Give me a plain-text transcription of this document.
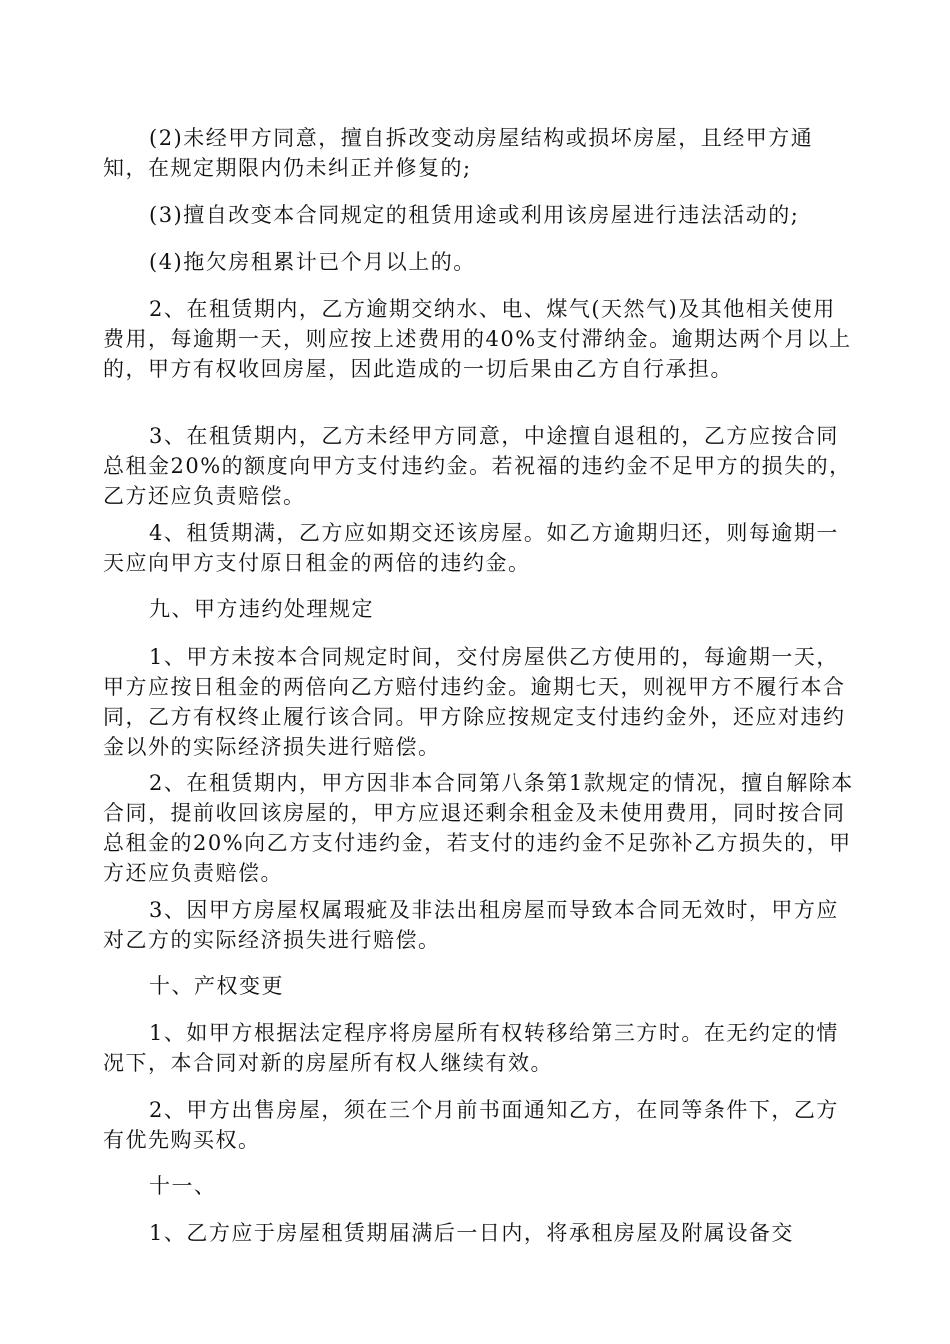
(2)未经甲方同意，擅自拆改变动房屋结构或损坏房屋，且经甲方通知，在规定期限内仍未纠正并修复的;

(3)擅自改变本合同规定的租赁用途或利用该房屋进行违法活动的;

(4)拖欠房租累计已个月以上的。

2、在租赁期内，乙方逾期交纳水、电、煤气(天然气)及其他相关使用费用，每逾期一天，则应按上述费用的40%支付滞纳金。逾期达两个月以上的，甲方有权收回房屋，因此造成的一切后果由乙方自行承担。

3、在租赁期内，乙方未经甲方同意，中途擅自退租的，乙方应按合同总租金20%的额度向甲方支付违约金。若祝福的违约金不足甲方的损失的，乙方还应负责赔偿。

4、租赁期满，乙方应如期交还该房屋。如乙方逾期归还，则每逾期一天应向甲方支付原日租金的两倍的违约金。

九、甲方违约处理规定

1、甲方未按本合同规定时间，交付房屋供乙方使用的，每逾期一天，甲方应按日租金的两倍向乙方赔付违约金。逾期七天，则视甲方不履行本合同，乙方有权终止履行该合同。甲方除应按规定支付违约金外，还应对违约金以外的实际经济损失进行赔偿。

2、在租赁期内，甲方因非本合同第八条第1款规定的情况，擅自解除本合同，提前收回该房屋的，甲方应退还剩余租金及未使用费用，同时按合同总租金的20%向乙方支付违约金，若支付的违约金不足弥补乙方损失的，甲方还应负责赔偿。

3、因甲方房屋权属瑕疵及非法出租房屋而导致本合同无效时，甲方应对乙方的实际经济损失进行赔偿。

十、产权变更

1、如甲方根据法定程序将房屋所有权转移给第三方时。在无约定的情况下，本合同对新的房屋所有权人继续有效。

2、甲方出售房屋，须在三个月前书面通知乙方，在同等条件下，乙方有优先购买权。

十一、

1、乙方应于房屋租赁期届满后一日内，将承租房屋及附属设备交
